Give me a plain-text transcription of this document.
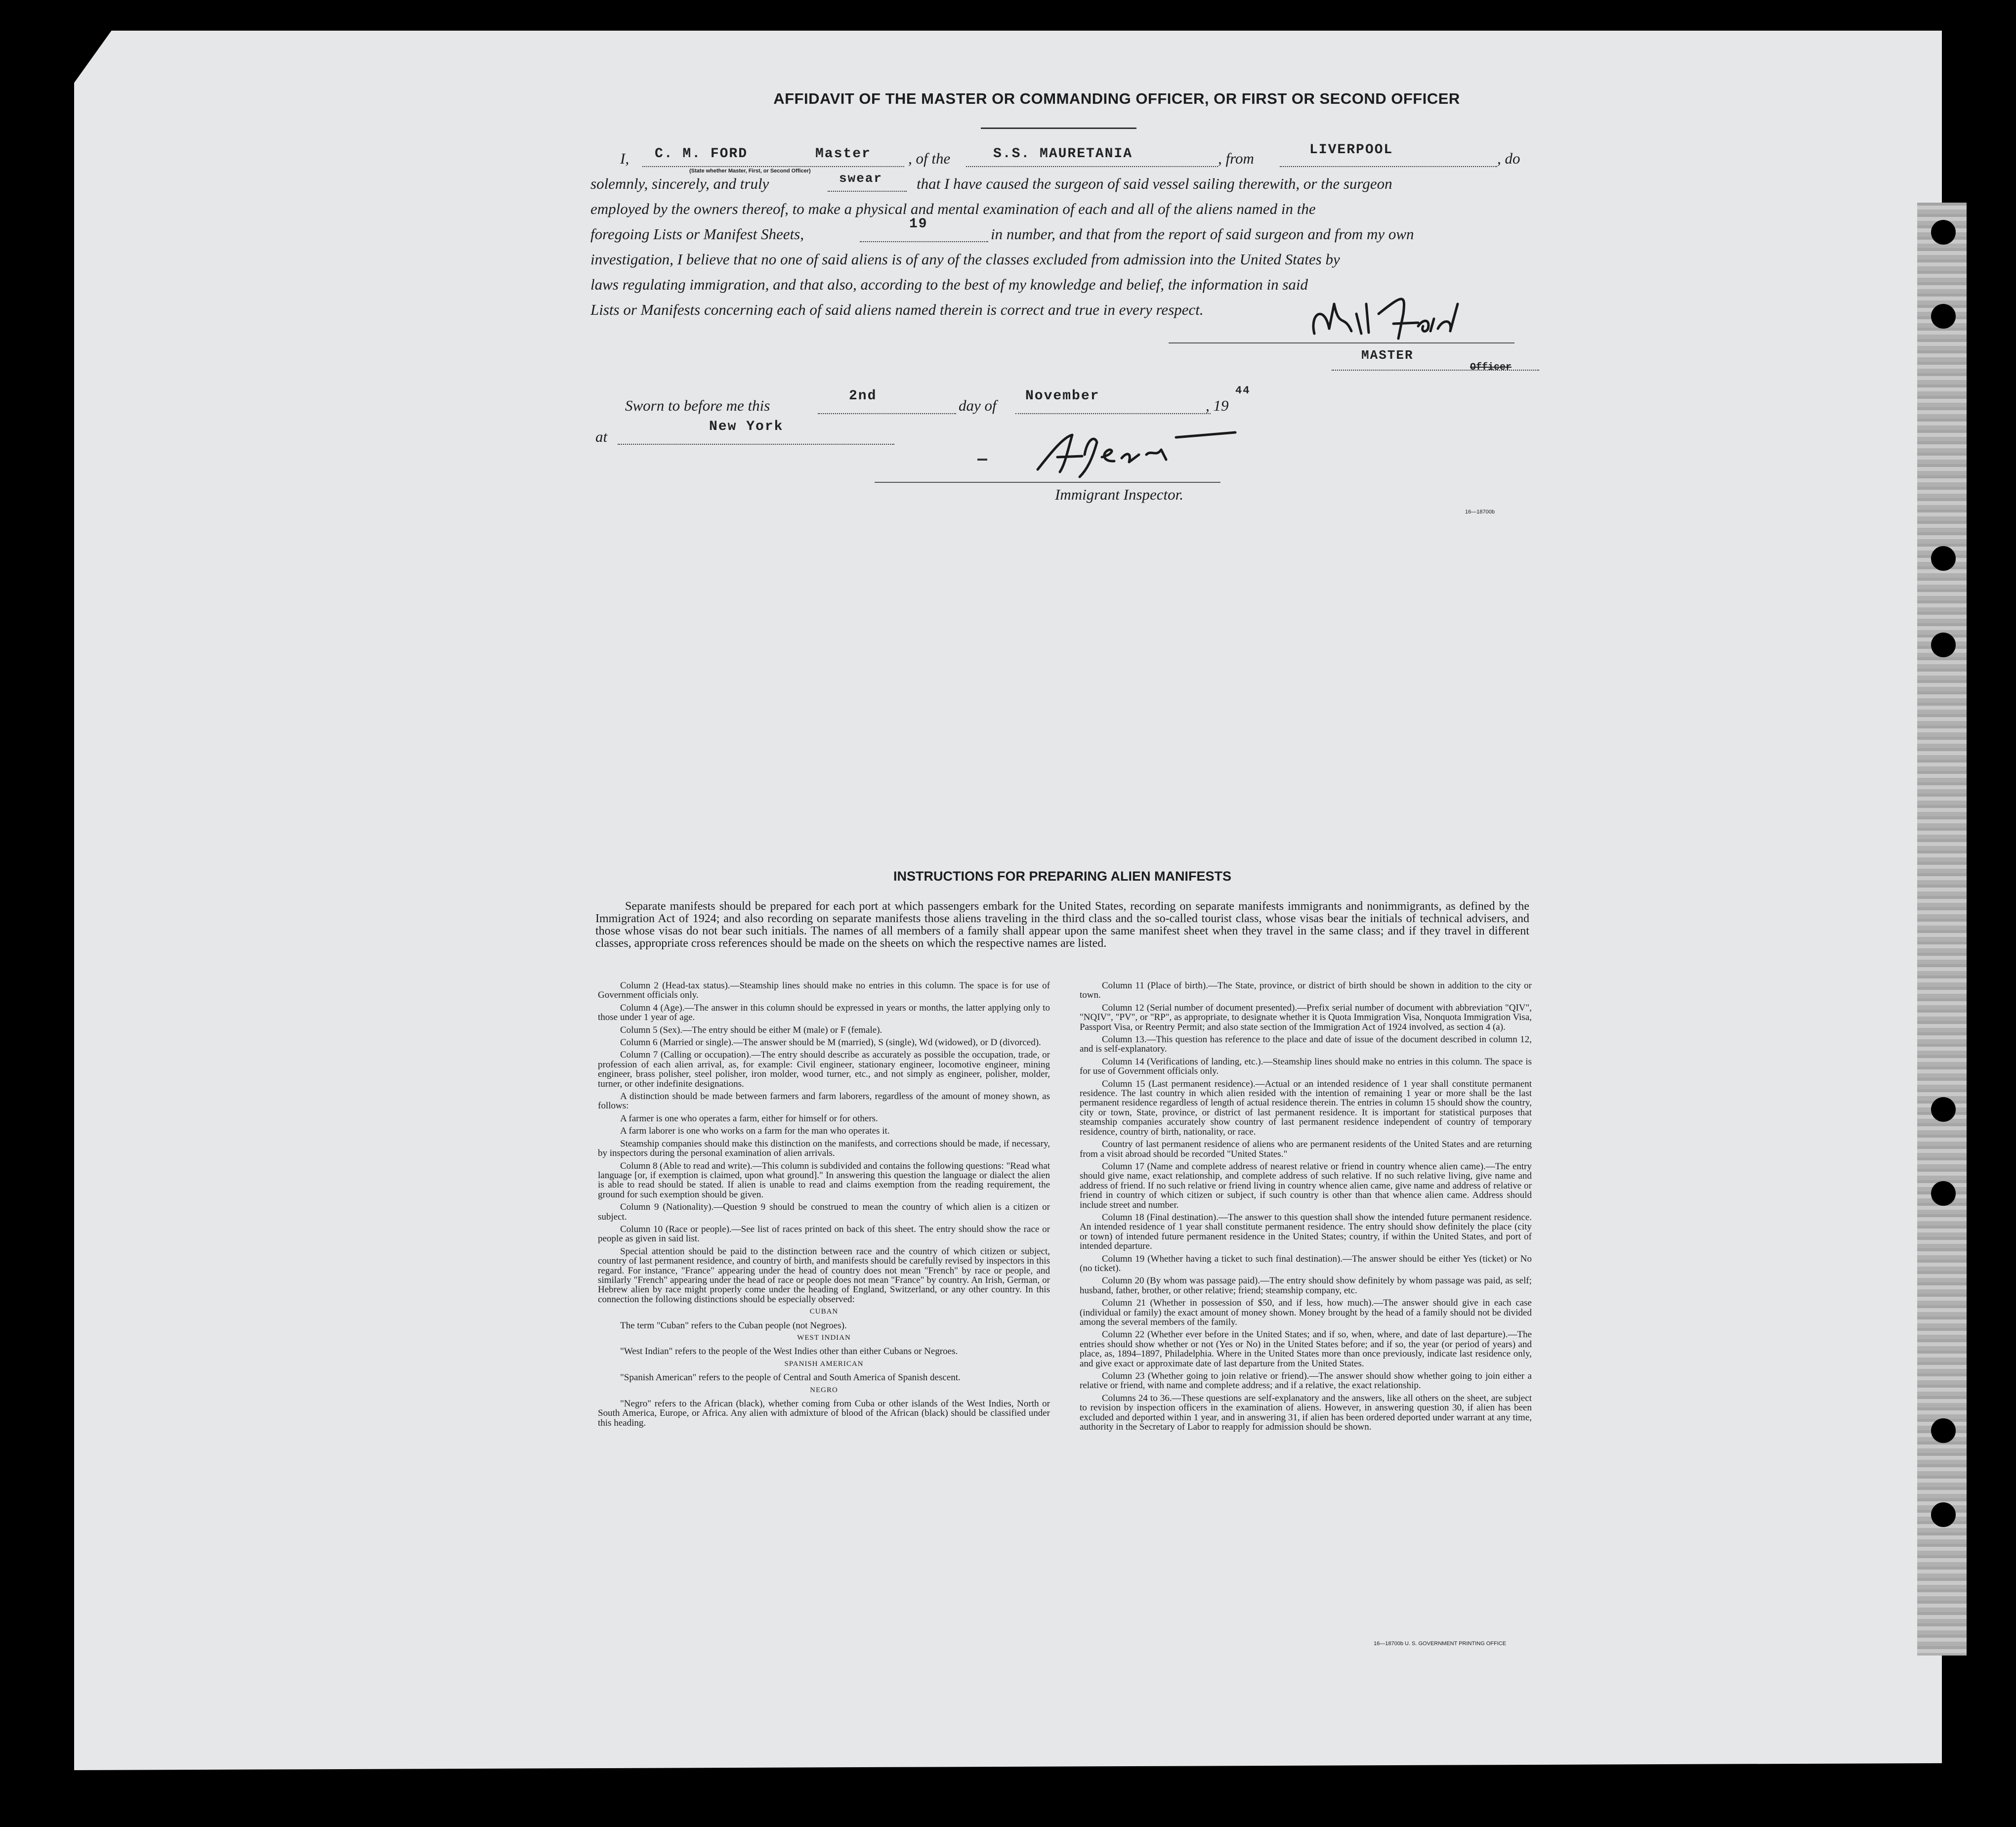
AFFIDAVIT OF THE MASTER OR COMMANDING OFFICER, OR FIRST OR SECOND OFFICER
I, C. M. FORD	Master
(State whether Master, First, or Second Officer)
, of the	S.S. MAURETANIA	, from	LIVERPOOL	, do
solemnly, sincerely, and truly	swear that I have caused the surgeon of said vessel sailing therewith, or the surgeon
employed by the owners thereof, to make a physical and mental examination of each and all of the aliens named in the
foregoing Lists or Manifest Sheets,
19
in number, and that from the report of said surgeon and from my own
investigation, I believe that no one of said aliens is of any of the classes excluded from admission into the United States by
laws regulating immigration, and that also, according to the best of my knowledge and belief, the information in said
Lists or Manifests concerning each of said aliens named therein is correct and true in every respect.
MASTER
Officer
Sworn to before me this
2nd
day of
November
, 19
44
at
New York
Immigrant Inspector.
16—18700b
INSTRUCTIONS FOR PREPARING ALIEN MANIFESTS
Separate manifests should be prepared for each port at which passengers embark for the United States, recording on separate manifests immigrants and nonimmigrants, as defined by the Immigration Act of 1924; and also recording on separate manifests those aliens traveling in the third class and the so-called tourist class, whose visas bear the initials of technical advisers, and those whose visas do not bear such initials. The names of all members of a family shall appear upon the same manifest sheet when they travel in the same class; and if they travel in different classes, appropriate cross references should be made on the sheets on which the respective names are listed.

Column 2 (Head-tax status).—Steamship lines should make no entries in this column. The space is for use of Government officials only.

Column 4 (Age).—The answer in this column should be expressed in years or months, the latter applying only to those under 1 year of age.

Column 5 (Sex).—The entry should be either M (male) or F (female).

Column 6 (Married or single).—The answer should be M (married), S (single), Wd (widowed), or D (divorced).

Column 7 (Calling or occupation).—The entry should describe as accurately as possible the occupation, trade, or profession of each alien arrival, as, for example: Civil engineer, stationary engineer, locomotive engineer, mining engineer, brass polisher, steel polisher, iron molder, wood turner, etc., and not simply as engineer, polisher, molder, turner, or other indefinite designations.

A distinction should be made between farmers and farm laborers, regardless of the amount of money shown, as follows:

A farmer is one who operates a farm, either for himself or for others.

A farm laborer is one who works on a farm for the man who operates it.

Steamship companies should make this distinction on the manifests, and corrections should be made, if necessary, by inspectors during the personal examination of alien arrivals.

Column 8 (Able to read and write).—This column is subdivided and contains the following questions: "Read what language [or, if exemption is claimed, upon what ground]." In answering this question the language or dialect the alien is able to read should be stated. If alien is unable to read and claims exemption from the reading requirement, the ground for such exemption should be given.

Column 9 (Nationality).—Question 9 should be construed to mean the country of which alien is a citizen or subject.

Column 10 (Race or people).—See list of races printed on back of this sheet. The entry should show the race or people as given in said list.

Special attention should be paid to the distinction between race and the country of which citizen or subject, country of last permanent residence, and country of birth, and manifests should be carefully revised by inspectors in this regard. For instance, "France" appearing under the head of country does not mean "French" by race or people, and similarly "French" appearing under the head of race or people does not mean "France" by country. An Irish, German, or Hebrew alien by race might properly come under the heading of England, Switzerland, or any other country. In this connection the following distinctions should be especially observed:

CUBAN

The term "Cuban" refers to the Cuban people (not Negroes).

WEST INDIAN

"West Indian" refers to the people of the West Indies other than either Cubans or Negroes.

SPANISH AMERICAN

"Spanish American" refers to the people of Central and South America of Spanish descent.

NEGRO

"Negro" refers to the African (black), whether coming from Cuba or other islands of the West Indies, North or South America, Europe, or Africa. Any alien with admixture of blood of the African (black) should be classified under this heading.

Column 11 (Place of birth).—The State, province, or district of birth should be shown in addition to the city or town.

Column 12 (Serial number of document presented).—Prefix serial number of document with abbreviation "QIV", "NQIV", "PV", or "RP", as appropriate, to designate whether it is Quota Immigration Visa, Nonquota Immigration Visa, Passport Visa, or Reentry Permit; and also state section of the Immigration Act of 1924 involved, as section 4 (a).

Column 13.—This question has reference to the place and date of issue of the document described in column 12, and is self-explanatory.

Column 14 (Verifications of landing, etc.).—Steamship lines should make no entries in this column. The space is for use of Government officials only.

Column 15 (Last permanent residence).—Actual or an intended residence of 1 year shall constitute permanent residence. The last country in which alien resided with the intention of remaining 1 year or more shall be the last permanent residence regardless of length of actual residence therein. The entries in column 15 should show the country, city or town, State, province, or district of last permanent residence. It is important for statistical purposes that steamship companies accurately show country of last permanent residence independent of country of temporary residence, country of birth, nationality, or race.

Country of last permanent residence of aliens who are permanent residents of the United States and are returning from a visit abroad should be recorded "United States."

Column 17 (Name and complete address of nearest relative or friend in country whence alien came).—The entry should give name, exact relationship, and complete address of such relative. If no such relative living, give name and address of friend. If no such relative or friend living in country whence alien came, give name and address of relative or friend in country of which citizen or subject, if such country is other than that whence alien came. Address should include street and number.

Column 18 (Final destination).—The answer to this question shall show the intended future permanent residence. An intended residence of 1 year shall constitute permanent residence. The entry should show definitely the place (city or town) of intended future permanent residence in the United States; country, if within the United States, and port of intended departure.

Column 19 (Whether having a ticket to such final destination).—The answer should be either Yes (ticket) or No (no ticket).

Column 20 (By whom was passage paid).—The entry should show definitely by whom passage was paid, as self; husband, father, brother, or other relative; friend; steamship company, etc.

Column 21 (Whether in possession of $50, and if less, how much).—The answer should give in each case (individual or family) the exact amount of money shown. Money brought by the head of a family should not be divided among the several members of the family.

Column 22 (Whether ever before in the United States; and if so, when, where, and date of last departure).—The entries should show whether or not (Yes or No) in the United States before; and if so, the year (or period of years) and place, as, 1894–1897, Philadelphia. Where in the United States more than once previously, indicate last residence only, and give exact or approximate date of last departure from the United States.

Column 23 (Whether going to join relative or friend).—The answer should show whether going to join either a relative or friend, with name and complete address; and if a relative, the exact relationship.

Columns 24 to 36.—These questions are self-explanatory and the answers, like all others on the sheet, are subject to revision by inspection officers in the examination of aliens. However, in answering question 30, if alien has been excluded and deported within 1 year, and in answering 31, if alien has been ordered deported under warrant at any time, authority in the Secretary of Labor to reapply for admission should be shown.

16—18700b U. S. GOVERNMENT PRINTING OFFICE
